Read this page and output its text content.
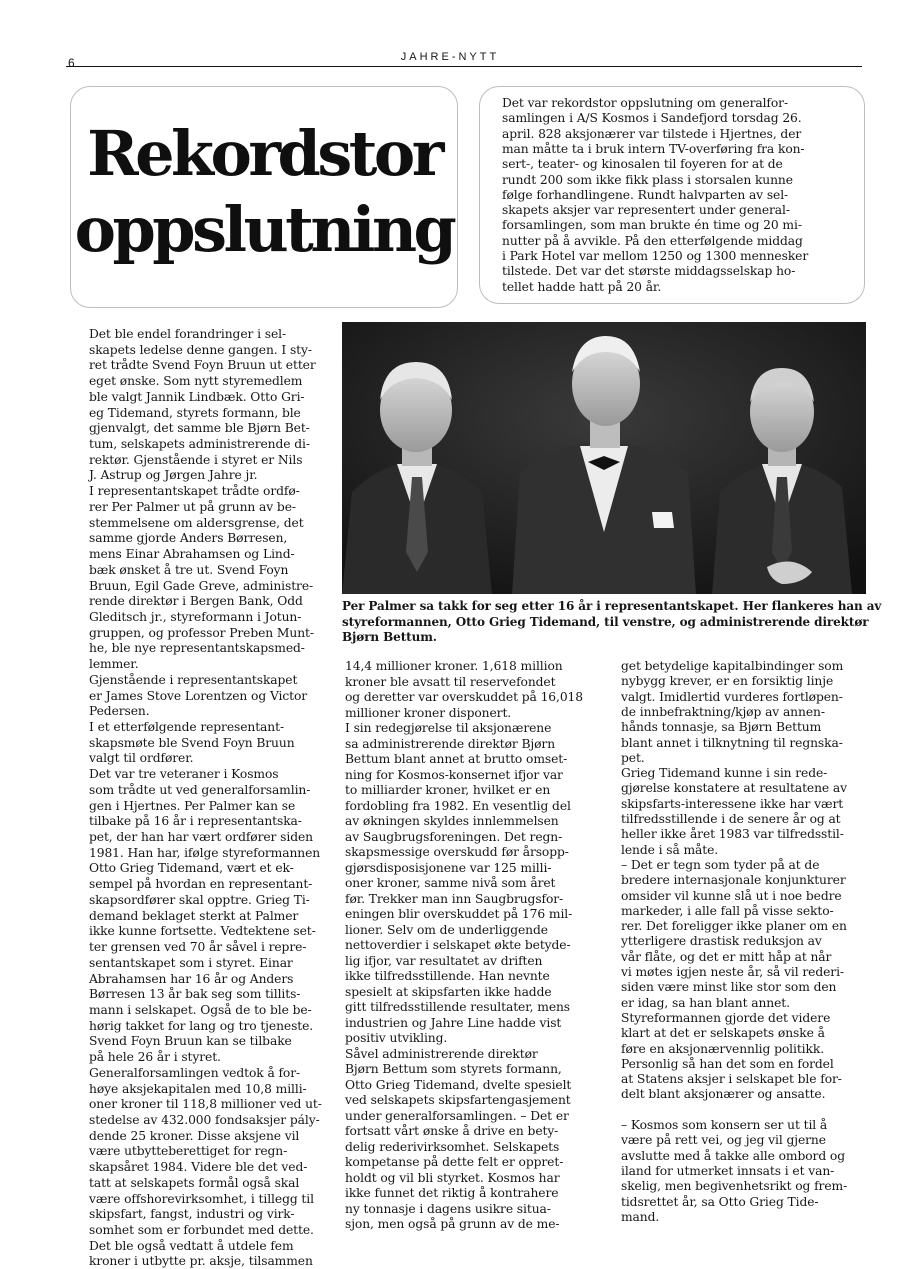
6	JAHRE-NYTT
Rekordstor
oppslutning
Det var rekordstor oppslutning om generalfor-
samlingen i A/S Kosmos i Sandefjord torsdag 26.
april. 828 aksjonærer var tilstede i Hjertnes, der
man måtte ta i bruk intern TV-overføring fra kon-
sert-, teater- og kinosalen til foyeren for at de
rundt 200 som ikke fikk plass i storsalen kunne
følge forhandlingene. Rundt halvparten av sel-
skapets aksjer var representert under general-
forsamlingen, som man brukte én time og 20 mi-
nutter på å avvikle. På den etterfølgende middag
i Park Hotel var mellom 1250 og 1300 mennesker
tilstede. Det var det største middagsselskap ho-
tellet hadde hatt på 20 år.
Per Palmer sa takk for seg etter 16 år i representantskapet. Her flankeres han av
styreformannen, Otto Grieg Tidemand, til venstre, og administrerende direktør
Bjørn Bettum.
Det ble endel forandringer i sel-
skapets ledelse denne gangen. I sty-
ret trådte Svend Foyn Bruun ut etter
eget ønske. Som nytt styremedlem
ble valgt Jannik Lindbæk. Otto Gri-
eg Tidemand, styrets formann, ble
gjenvalgt, det samme ble Bjørn Bet-
tum, selskapets administrerende di-
rektør. Gjenstående i styret er Nils
J. Astrup og Jørgen Jahre jr.
I representantskapet trådte ordfø-
rer Per Palmer ut på grunn av be-
stemmelsene om aldersgrense, det
samme gjorde Anders Børresen,
mens Einar Abrahamsen og Lind-
bæk ønsket å tre ut. Svend Foyn
Bruun, Egil Gade Greve, administre-
rende direktør i Bergen Bank, Odd
Gleditsch jr., styreformann i Jotun-
gruppen, og professor Preben Munt-
he, ble nye representantskapsmed-
lemmer.
Gjenstående i representantskapet
er James Stove Lorentzen og Victor
Pedersen.
I et etterfølgende representant-
skapsmøte ble Svend Foyn Bruun
valgt til ordfører.
Det var tre veteraner i Kosmos
som trådte ut ved generalforsamlin-
gen i Hjertnes. Per Palmer kan se
tilbake på 16 år i representantska-
pet, der han har vært ordfører siden
1981. Han har, ifølge styreformannen
Otto Grieg Tidemand, vært et ek-
sempel på hvordan en representant-
skapsordfører skal opptre. Grieg Ti-
demand beklaget sterkt at Palmer
ikke kunne fortsette. Vedtektene set-
ter grensen ved 70 år såvel i repre-
sentantskapet som i styret. Einar
Abrahamsen har 16 år og Anders
Børresen 13 år bak seg som tillits-
mann i selskapet. Også de to ble be-
hørig takket for lang og tro tjeneste.
Svend Foyn Bruun kan se tilbake
på hele 26 år i styret.
Generalforsamlingen vedtok å for-
høye aksjekapitalen med 10,8 milli-
oner kroner til 118,8 millioner ved ut-
stedelse av 432.000 fondsaksjer pály-
dende 25 kroner. Disse aksjene vil
være utbytteberettiget for regn-
skapsåret 1984. Videre ble det ved-
tatt at selskapets formål også skal
være offshorevirksomhet, i tillegg til
skipsfart, fangst, industri og virk-
somhet som er forbundet med dette.
Det ble også vedtatt å utdele fem
kroner i utbytte pr. aksje, tilsammen
14,4 millioner kroner. 1,618 million
kroner ble avsatt til reservefondet
og deretter var overskuddet på 16,018
millioner kroner disponert.
I sin redegjørelse til aksjonærene
sa administrerende direktør Bjørn
Bettum blant annet at brutto omset-
ning for Kosmos-konsernet ifjor var
to milliarder kroner, hvilket er en
fordobling fra 1982. En vesentlig del
av økningen skyldes innlemmelsen
av Saugbrugsforeningen. Det regn-
skapsmessige overskudd før årsopp-
gjørsdisposisjonene var 125 milli-
oner kroner, samme nivå som året
før. Trekker man inn Saugbrugsfor-
eningen blir overskuddet på 176 mil-
lioner. Selv om de underliggende
nettoverdier i selskapet økte betyde-
lig ifjor, var resultatet av driften
ikke tilfredsstillende. Han nevnte
spesielt at skipsfarten ikke hadde
gitt tilfredsstillende resultater, mens
industrien og Jahre Line hadde vist
positiv utvikling.
Såvel administrerende direktør
Bjørn Bettum som styrets formann,
Otto Grieg Tidemand, dvelte spesielt
ved selskapets skipsfartengasjement
under generalforsamlingen. – Det er
fortsatt vårt ønske å drive en bety-
delig rederivirksomhet. Selskapets
kompetanse på dette felt er oppret-
holdt og vil bli styrket. Kosmos har
ikke funnet det riktig å kontrahere
ny tonnasje i dagens usikre situa-
sjon, men også på grunn av de me-
get betydelige kapitalbindinger som
nybygg krever, er en forsiktig linje
valgt. Imidlertid vurderes fortløpen-
de innbefraktning/kjøp av annen-
hånds tonnasje, sa Bjørn Bettum
blant annet i tilknytning til regnska-
pet.
Grieg Tidemand kunne i sin rede-
gjørelse konstatere at resultatene av
skipsfarts-interessene ikke har vært
tilfredsstillende i de senere år og at
heller ikke året 1983 var tilfredsstil-
lende i så måte.
– Det er tegn som tyder på at de
bredere internasjonale konjunkturer
omsider vil kunne slå ut i noe bedre
markeder, i alle fall på visse sekto-
rer. Det foreligger ikke planer om en
ytterligere drastisk reduksjon av
vår flåte, og det er mitt håp at når
vi møtes igjen neste år, så vil rederi-
siden være minst like stor som den
er idag, sa han blant annet.
Styreformannen gjorde det videre
klart at det er selskapets ønske å
føre en aksjonærvennlig politikk.
Personlig så han det som en fordel
at Statens aksjer i selskapet ble for-
delt blant aksjonærer og ansatte.
– Kosmos som konsern ser ut til å
være på rett vei, og jeg vil gjerne
avslutte med å takke alle ombord og
iland for utmerket innsats i et van-
skelig, men begivenhetsrikt og frem-
tidsrettet år, sa Otto Grieg Tide-
mand.
